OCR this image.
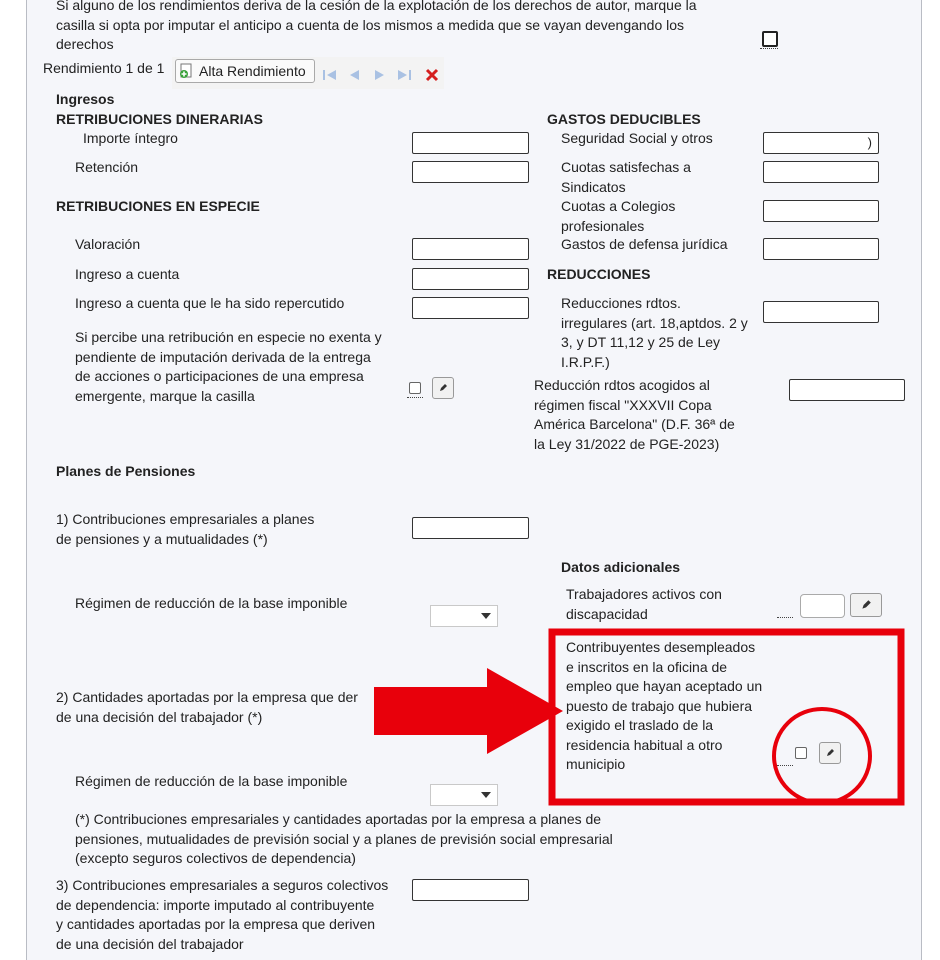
Si alguno de los rendimientos deriva de la cesión de la explotación de los derechos de autor, marque la
casilla si opta por imputar el anticipo a cuenta de los mismos a medida que se vayan devengando los
derechos
Rendimiento 1 de 1 Alta Rendimiento
Ingresos
RETRIBUCIONES DINERARIAS
Importe íntegro
Retención
RETRIBUCIONES EN ESPECIE
Valoración
Ingreso a cuenta
Ingreso a cuenta que le ha sido repercutido
Si percibe una retribución en especie no exenta y
pendiente de imputación derivada de la entrega
de acciones o participaciones de una empresa
emergente, marque la casilla
GASTOS DEDUCIBLES
Seguridad Social y otros	)
Cuotas satisfechas a
Sindicatos
Cuotas a Colegios
profesionales
Gastos de defensa jurídica
REDUCCIONES
Reducciones rdtos.
irregulares (art. 18,aptdos. 2 y
3, y DT 11,12 y 25 de Ley
I.R.P.F.)
Reducción rdtos acogidos al
régimen fiscal "XXXVII Copa
América Barcelona" (D.F. 36ª de
la Ley 31/2022 de PGE-2023)
Planes de Pensiones
1) Contribuciones empresariales a planes
de pensiones y a mutualidades (*)
Régimen de reducción de la base imponible
2) Cantidades aportadas por la empresa que der
de una decisión del trabajador (*)
Régimen de reducción de la base imponible
(*) Contribuciones empresariales y cantidades aportadas por la empresa a planes de
pensiones, mutualidades de previsión social y a planes de previsión social empresarial
(excepto seguros colectivos de dependencia)
3) Contribuciones empresariales a seguros colectivos
de dependencia: importe imputado al contribuyente
y cantidades aportadas por la empresa que deriven
de una decisión del trabajador
Datos adicionales
Trabajadores activos con
discapacidad
Contribuyentes desempleados
e inscritos en la oficina de
empleo que hayan aceptado un
puesto de trabajo que hubiera
exigido el traslado de la
residencia habitual a otro
municipio
